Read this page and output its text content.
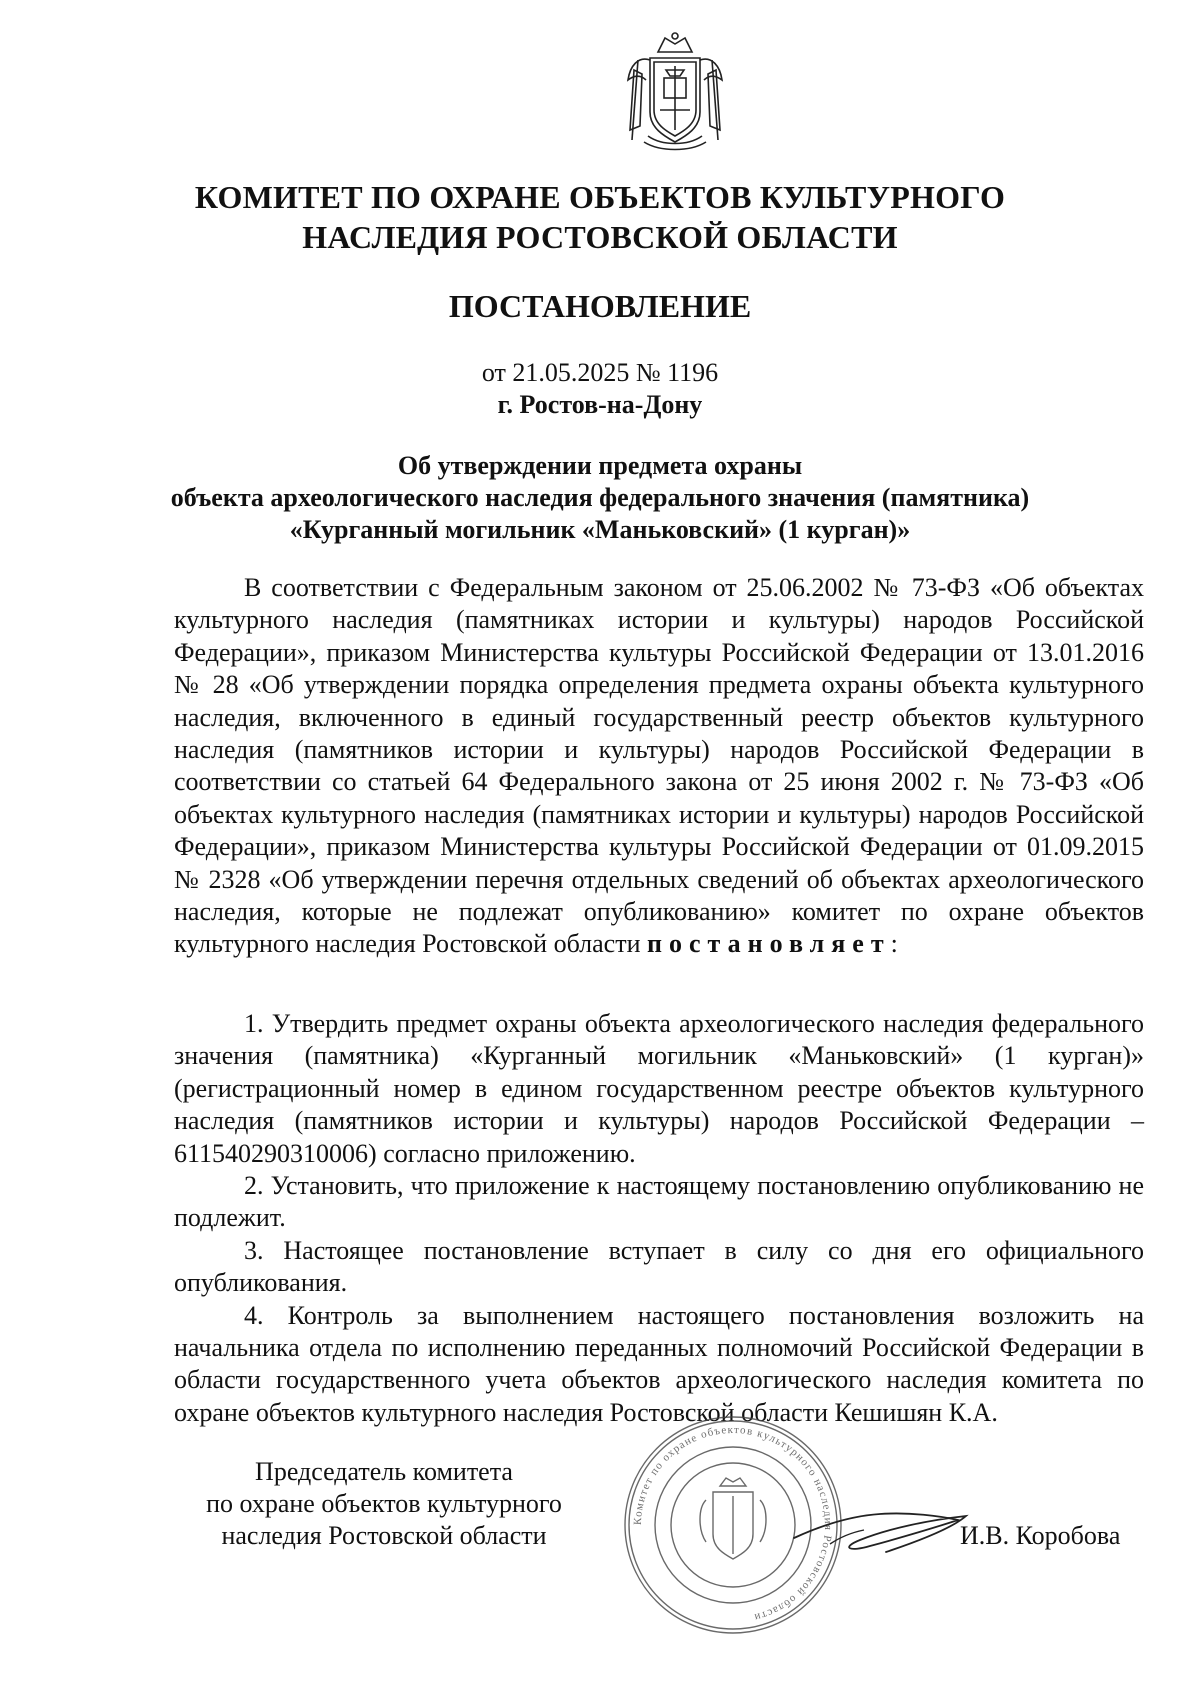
КОМИТЕТ ПО ОХРАНЕ ОБЪЕКТОВ КУЛЬТУРНОГО
НАСЛЕДИЯ РОСТОВСКОЙ ОБЛАСТИ
ПОСТАНОВЛЕНИЕ
от 21.05.2025 № 1196
г. Ростов-на-Дону
Об утверждении предмета охраны
объекта археологического наследия федерального значения (памятника)
«Курганный могильник «Маньковский» (1 курган)»

В соответствии с Федеральным законом от 25.06.2002 № 73-ФЗ «Об объектах культурного наследия (памятниках истории и культуры) народов Российской Федерации», приказом Министерства культуры Российской Федерации от 13.01.2016 № 28 «Об утверждении порядка определения предмета охраны объекта культурного наследия, включенного в единый государственный реестр объектов культурного наследия (памятников истории и культуры) народов Российской Федерации в соответствии со статьей 64 Федерального закона от 25 июня 2002 г. № 73-ФЗ «Об объектах культурного наследия (памятниках истории и культуры) народов Российской Федерации», приказом Министерства культуры Российской Федерации от 01.09.2015 № 2328 «Об утверждении перечня отдельных сведений об объектах археологического наследия, которые не подлежат опубликованию» комитет по охране объектов культурного наследия Ростовской области постановляет:

1. Утвердить предмет охраны объекта археологического наследия федерального значения (памятника) «Курганный могильник «Маньковский» (1 курган)» (регистрационный номер в едином государственном реестре объектов культурного наследия (памятников истории и культуры) народов Российской Федерации – 611540290310006) согласно приложению.

2. Установить, что приложение к настоящему постановлению опубликованию не подлежит.

3. Настоящее постановление вступает в силу со дня его официального опубликования.

4. Контроль за выполнением настоящего постановления возложить на начальника отдела по исполнению переданных полномочий Российской Федерации в области государственного учета объектов археологического наследия комитета по охране объектов культурного наследия Ростовской области Кешишян К.А.

Председатель комитета
по охране объектов культурного
наследия Ростовской области
Комитет по охране объектов культурного наследия Ростовской области
И.В. Коробова
